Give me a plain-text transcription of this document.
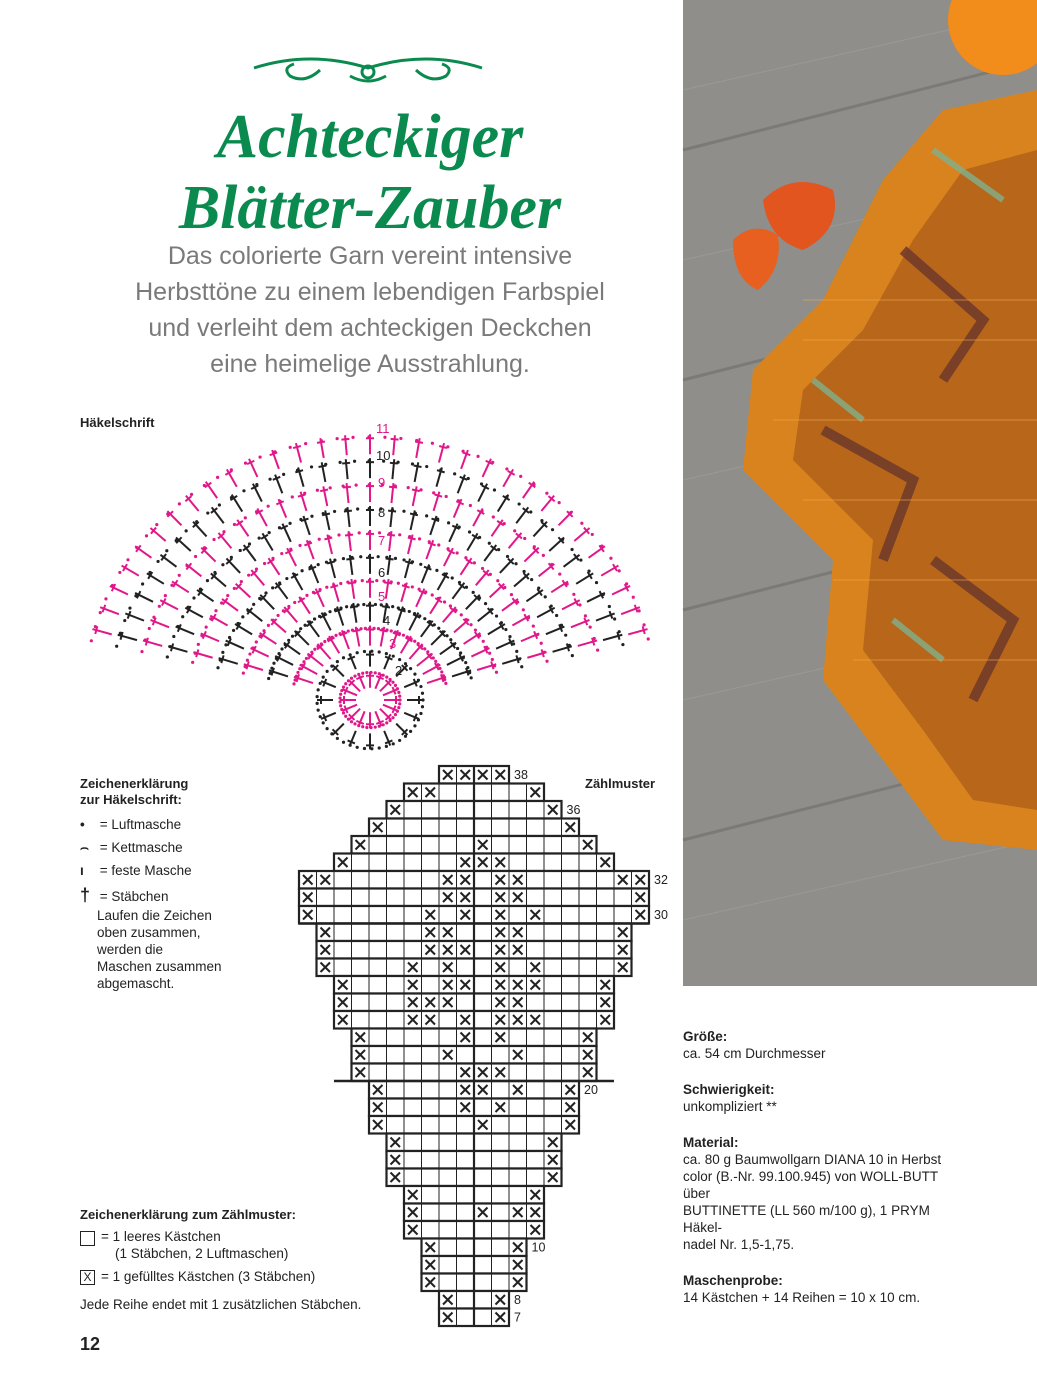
Achteckiger
Blätter-Zauber
Das colorierte Garn vereint intensive
Herbsttöne zu einem lebendigen Farbspiel
und verleiht dem achteckigen Deckchen
eine heimelige Ausstrahlung.
Häkelschrift
2
3
4
5
6
7
8
9
10
11
Zeichenerklärung
zur Häkelschrift:
• = Luftmasche
⌢ = Kettmasche
ı = feste Masche
† = Stäbchen
Laufen die Zeichen
oben zusammen,
werden die
Maschen zusammen
abgemascht.
Zählmuster
38
36
32
30
20
10
8
7
Zeichenerklärung zum Zählmuster:
= 1 leeres Kästchen
(1 Stäbchen, 2 Luftmaschen)
X = 1 gefülltes Kästchen (3 Stäbchen)
Jede Reihe endet mit 1 zusätzlichen Stäbchen.
Größe:
ca. 54 cm Durchmesser
Schwierigkeit:
unkompliziert **
Material:
ca. 80 g Baumwollgarn DIANA 10 in Herbst
color (B.-Nr. 99.100.945) von WOLL-BUTT über
BUTTINETTE (LL 560 m/100 g), 1 PRYM Häkel-
nadel Nr. 1,5-1,75.
Maschenprobe:
14 Kästchen + 14 Reihen = 10 x 10 cm.
12
